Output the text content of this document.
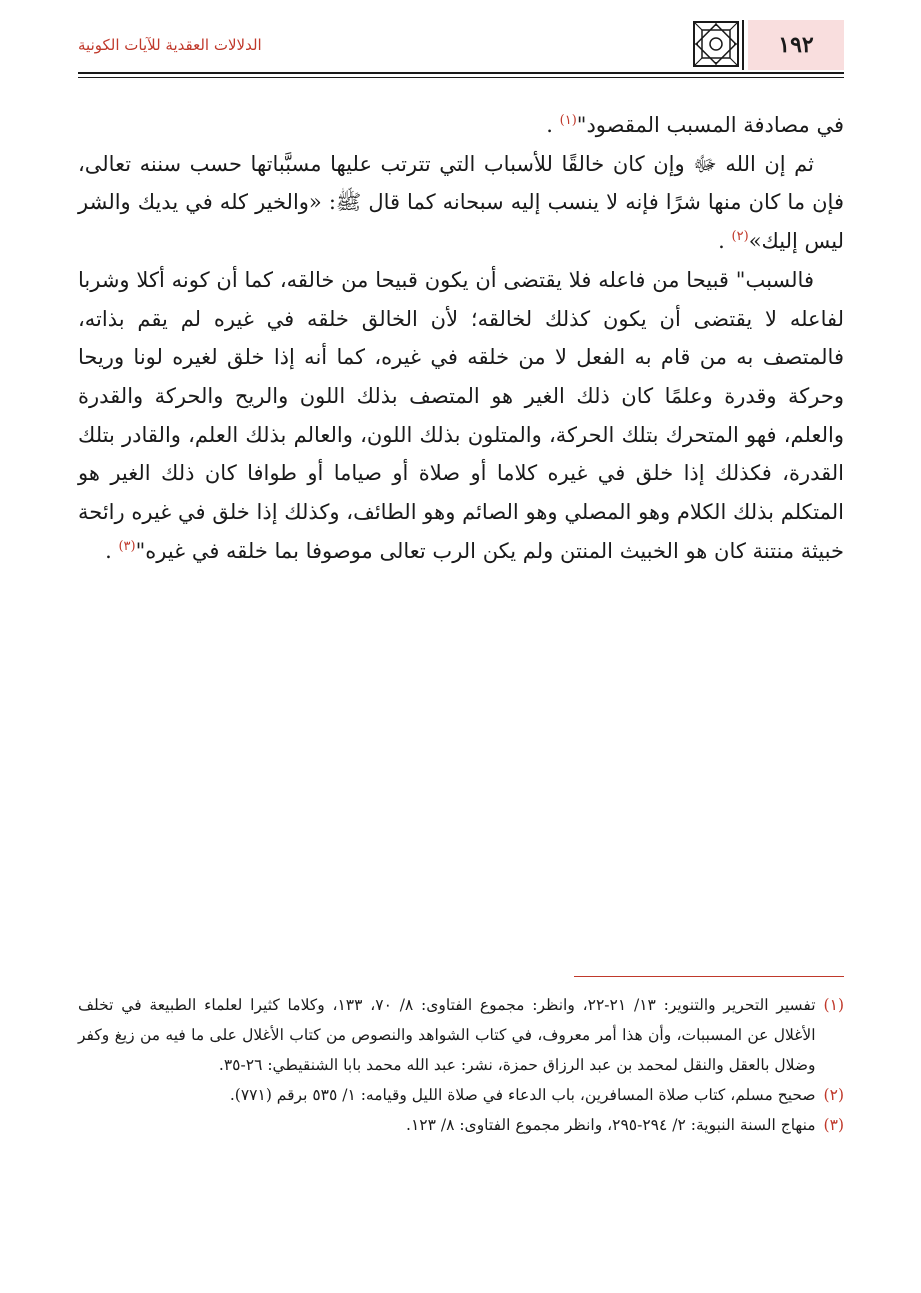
١٩٢
الدلالات العقدية للآيات الكونية

في مصادفة المسبب المقصود"$^{(١)}$ .

ثم إن الله ﷻ وإن كان خالقًا للأسباب التي تترتب عليها مسبَّباتها حسب سننه تعالى، فإن ما كان منها شرًا فإنه لا ينسب إليه سبحانه كما قال ﷺ: «والخير كله في يديك والشر ليس إليك»$^{(٢)}$ .

فالسبب" قبيحا من فاعله فلا يقتضى أن يكون قبيحا من خالقه، كما أن كونه أكلا وشربا لفاعله لا يقتضى أن يكون كذلك لخالقه؛ لأن الخالق خلقه في غيره لم يقم بذاته، فالمتصف به من قام به الفعل لا من خلقه في غيره، كما أنه إذا خلق لغيره لونا وريحا وحركة وقدرة وعلمًا كان ذلك الغير هو المتصف بذلك اللون والريح والحركة والقدرة والعلم، فهو المتحرك بتلك الحركة، والمتلون بذلك اللون، والعالم بذلك العلم، والقادر بتلك القدرة، فكذلك إذا خلق في غيره كلاما أو صلاة أو صياما أو طوافا كان ذلك الغير هو المتكلم بذلك الكلام وهو المصلي وهو الصائم وهو الطائف، وكذلك إذا خلق في غيره رائحة خبيثة منتنة كان هو الخبيث المنتن ولم يكن الرب تعالى موصوفا بما خلقه في غيره"$^{(٣)}$ .

(١)
تفسير التحرير والتنوير: ١٣/ ٢١-٢٢، وانظر: مجموع الفتاوى: ٨/ ٧٠، ١٣٣، وكلاما كثيرا لعلماء الطبيعة في تخلف الأغلال عن المسببات، وأن هذا أمر معروف، في كتاب الشواهد والنصوص من كتاب الأغلال على ما فيه من زيغ وكفر وضلال بالعقل والنقل لمحمد بن عبد الرزاق حمزة، نشر: عبد الله محمد بابا الشنقيطي: ٢٦-٣٥.
(٢)
صحيح مسلم، كتاب صلاة المسافرين، باب الدعاء في صلاة الليل وقيامه: ١/ ٥٣٥ برقم (٧٧١).
(٣)
منهاج السنة النبوية: ٢/ ٢٩٤-٢٩٥، وانظر مجموع الفتاوى: ٨/ ١٢٣.
